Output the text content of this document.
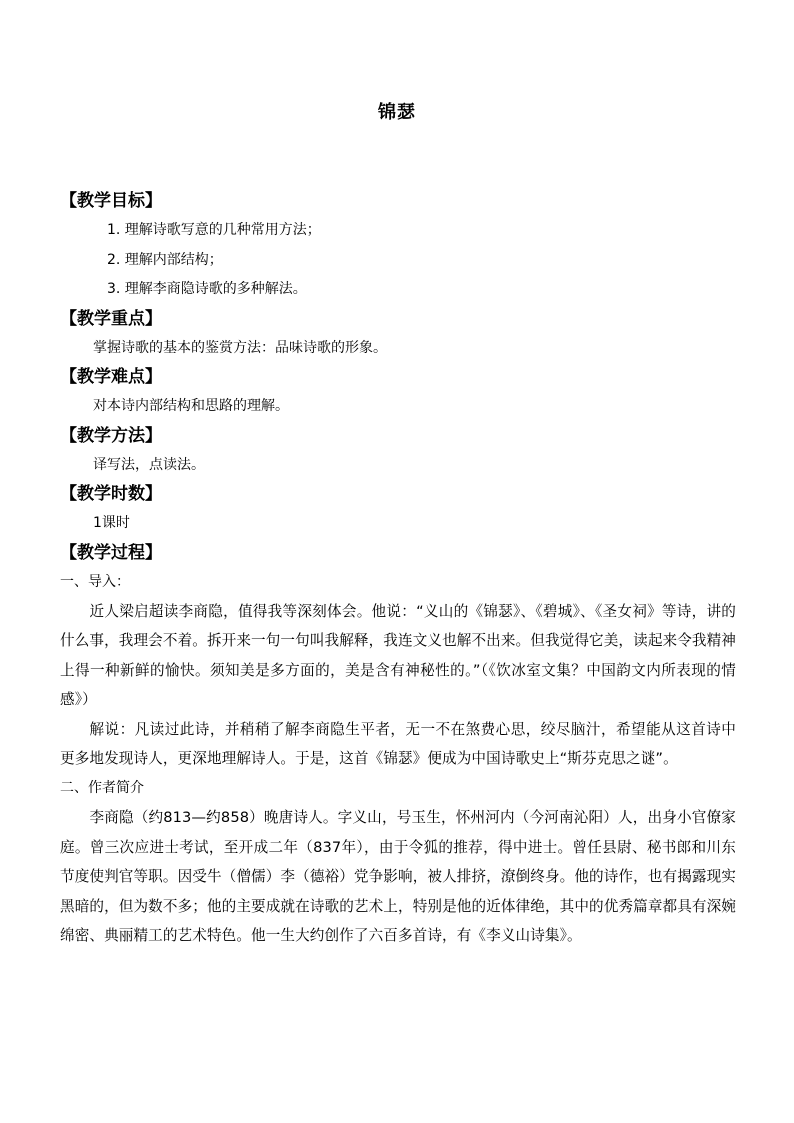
锦瑟
【教学目标】
1. 理解诗歌写意的几种常用方法；
2. 理解内部结构；
3. 理解李商隐诗歌的多种解法。
【教学重点】
掌握诗歌的基本的鉴赏方法：品味诗歌的形象。
【教学难点】
对本诗内部结构和思路的理解。
【教学方法】
译写法，点读法。
【教学时数】
1课时
【教学过程】
一、导入：

近人梁启超读李商隐，值得我等深刻体会。他说：“义山的《锦瑟》、《碧城》、《圣女祠》等诗，讲的什么事，我理会不着。拆开来一句一句叫我解释，我连文义也解不出来。但我觉得它美，读起来令我精神上得一种新鲜的愉快。须知美是多方面的，美是含有神秘性的。”（《饮冰室文集？中国韵文内所表现的情感》）

解说：凡读过此诗，并稍稍了解李商隐生平者，无一不在煞费心思，绞尽脑汁，希望能从这首诗中更多地发现诗人，更深地理解诗人。于是，这首《锦瑟》便成为中国诗歌史上“斯芬克思之谜”。

二、作者简介

李商隐（约813—约858）晚唐诗人。字义山，号玉生，怀州河内（今河南沁阳）人，出身小官僚家庭。曾三次应进士考试，至开成二年（837年），由于令狐的推荐，得中进士。曾任县尉、秘书郎和川东节度使判官等职。因受牛（僧儒）李（德裕）党争影响，被人排挤，潦倒终身。他的诗作，也有揭露现实黑暗的，但为数不多；他的主要成就在诗歌的艺术上，特别是他的近体律绝，其中的优秀篇章都具有深婉绵密、典丽精工的艺术特色。他一生大约创作了六百多首诗，有《李义山诗集》。
